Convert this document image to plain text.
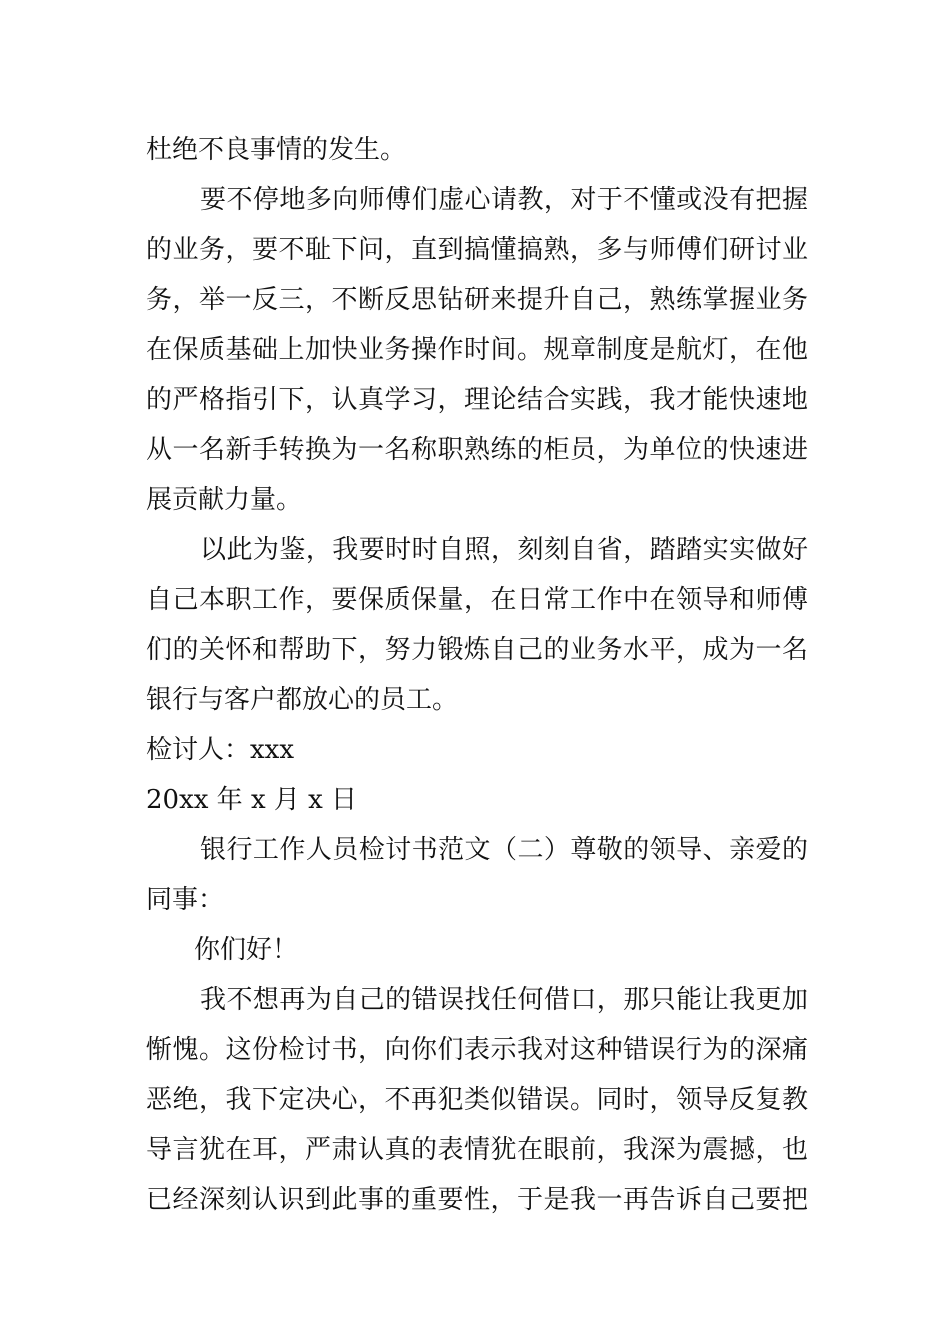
杜绝不良事情的发生。
要不停地多向师傅们虚心请教，对于不懂或没有把握
的业务，要不耻下问，直到搞懂搞熟，多与师傅们研讨业
务，举一反三，不断反思钻研来提升自己，熟练掌握业务
在保质基础上加快业务操作时间。规章制度是航灯，在他
的严格指引下，认真学习，理论结合实践，我才能快速地
从一名新手转换为一名称职熟练的柜员，为单位的快速进
展贡献力量。
以此为鉴，我要时时自照，刻刻自省，踏踏实实做好
自己本职工作，要保质保量，在日常工作中在领导和师傅
们的关怀和帮助下，努力锻炼自己的业务水平，成为一名
银行与客户都放心的员工。
检讨人：xxx
20xx 年 x 月 x 日
银行工作人员检讨书范文（二）尊敬的领导、亲爱的
同事：
你们好！
我不想再为自己的错误找任何借口，那只能让我更加
惭愧。这份检讨书，向你们表示我对这种错误行为的深痛
恶绝，我下定决心，不再犯类似错误。同时，领导反复教
导言犹在耳，严肃认真的表情犹在眼前，我深为震撼，也
已经深刻认识到此事的重要性，于是我一再告诉自己要把
